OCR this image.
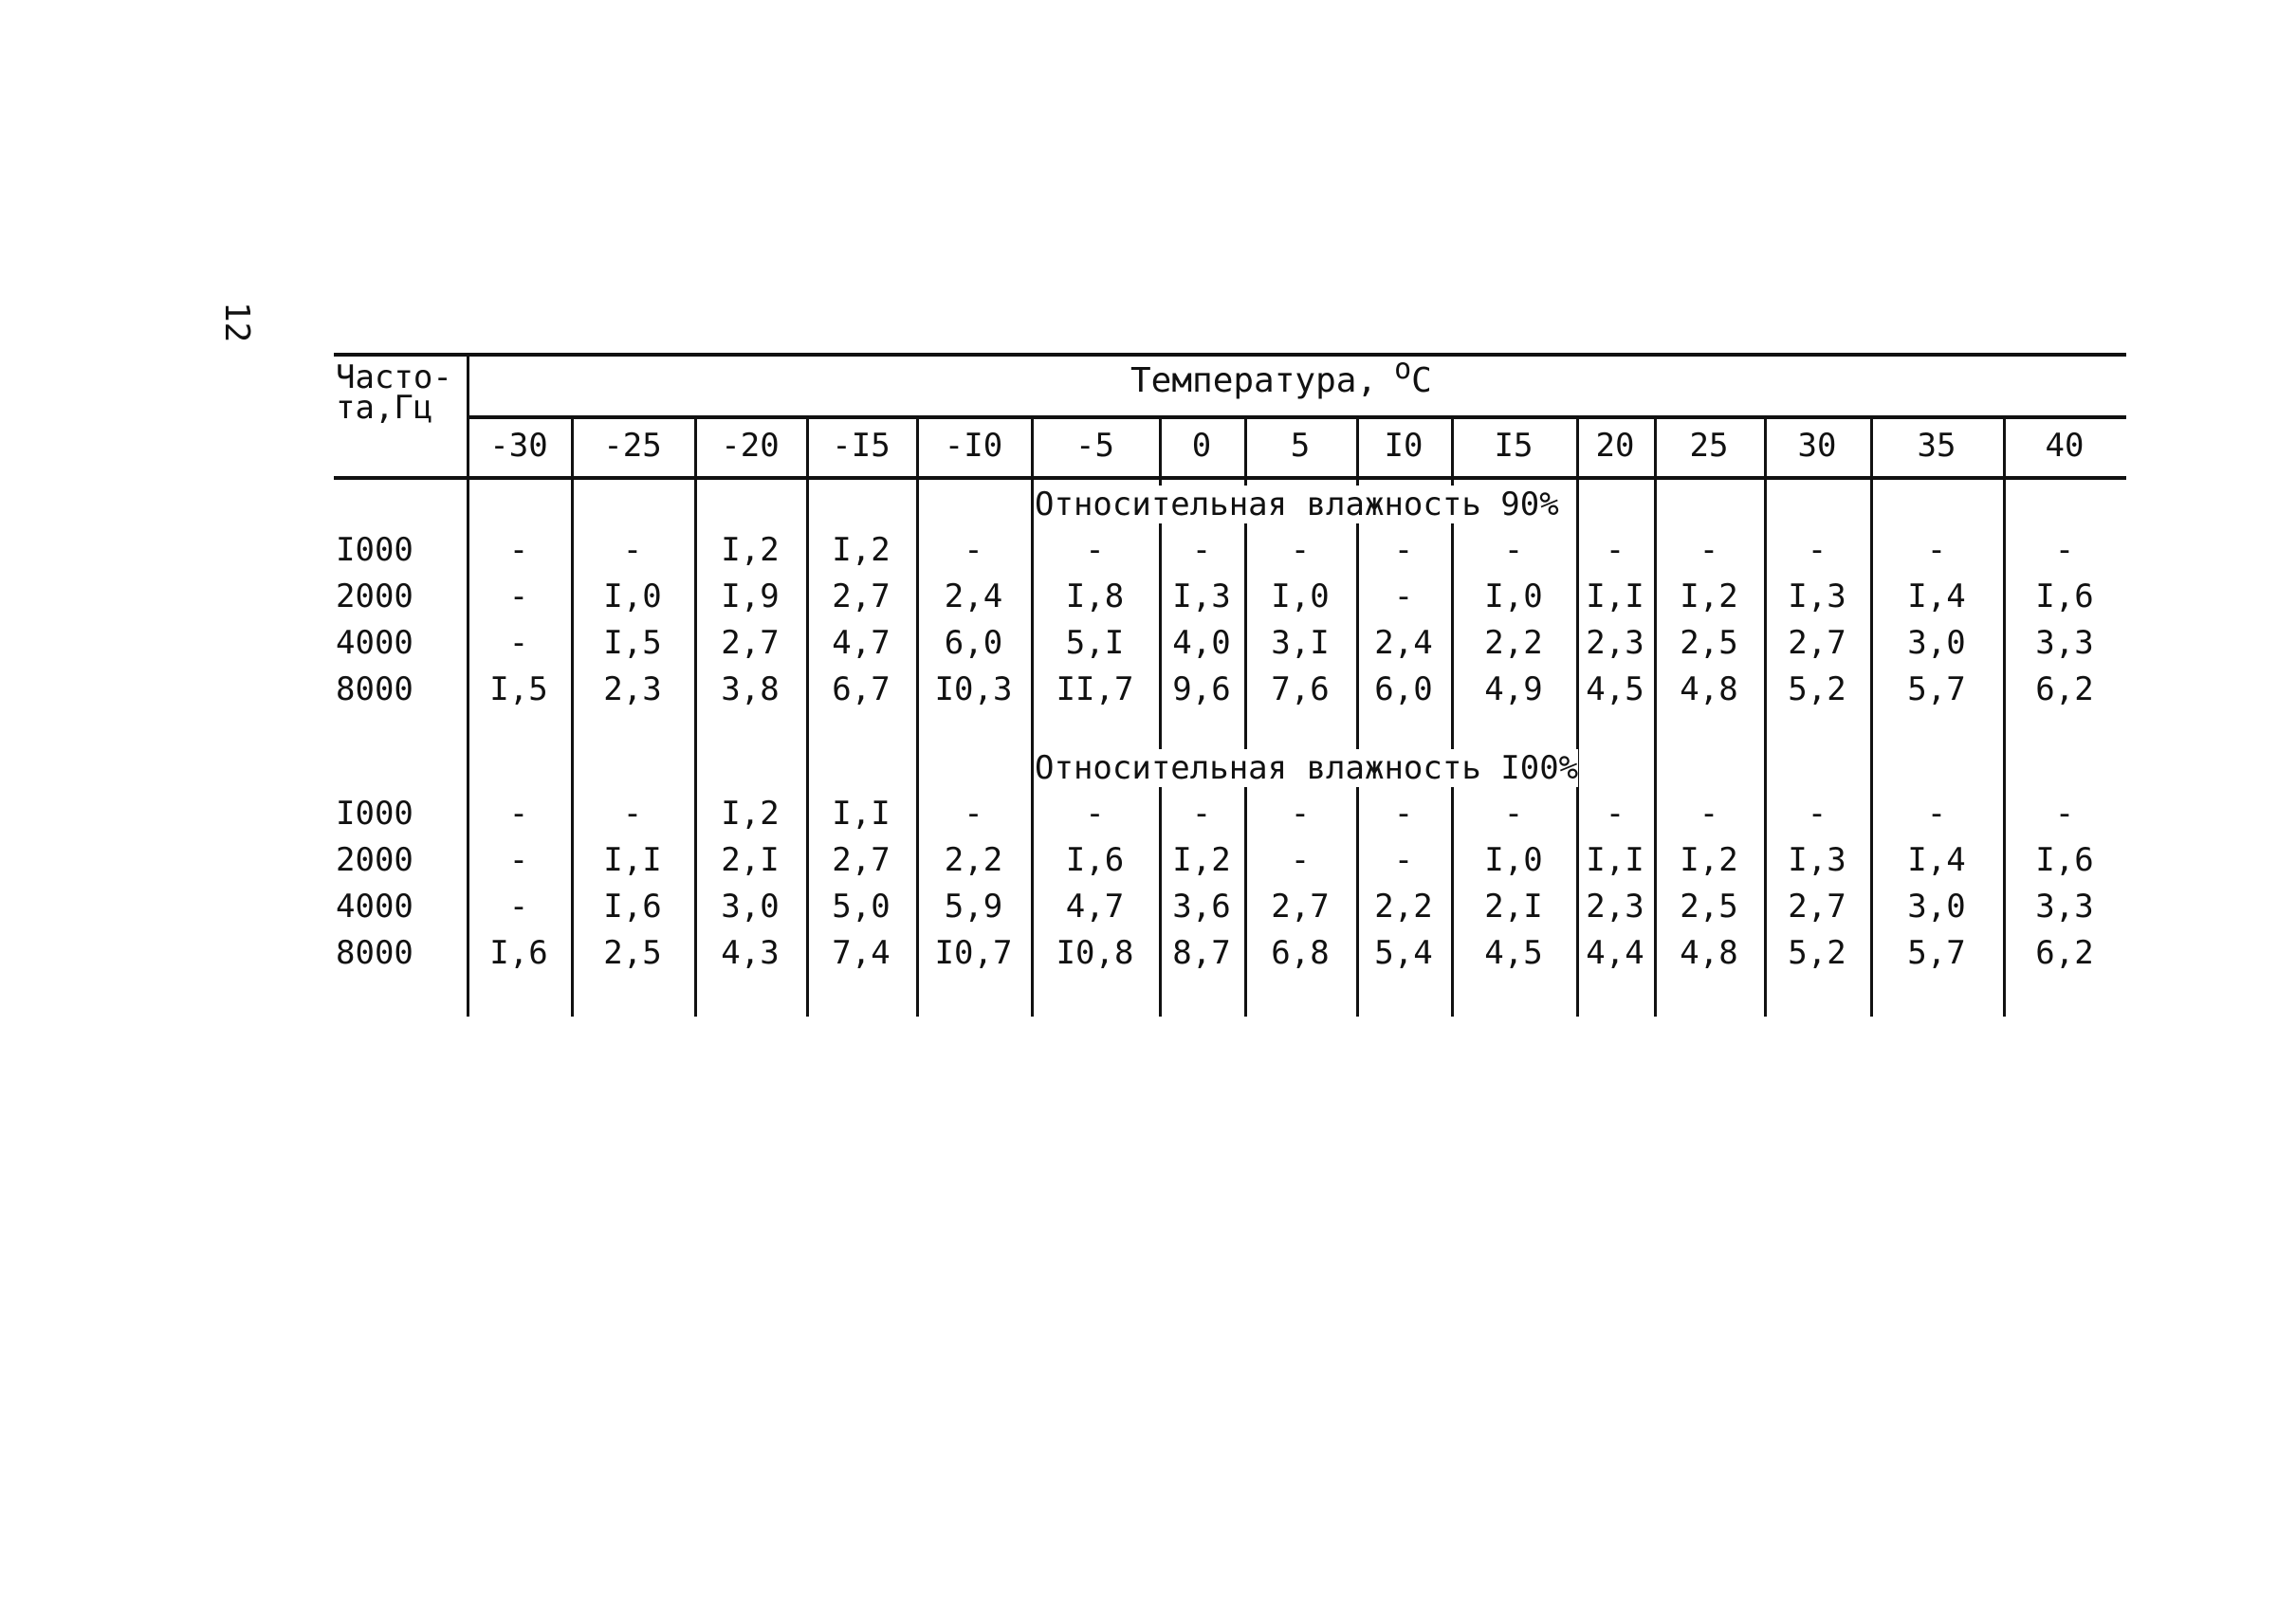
12
Часто-
та,Гц
Температура, $^o$C
-30	-25	-20	-I5	-I0	-5	0	5	I0	I5	20	25	30	35	40
Относительная влажность 90%
I000	-	-	I,2	I,2	-	-	-	-	-	-	-	-	-	-	-
2000	-	I,0	I,9	2,7	2,4	I,8	I,3	I,0	-	I,0	I,I	I,2	I,3	I,4	I,6
4000	-	I,5	2,7	4,7	6,0	5,I	4,0	3,I	2,4	2,2	2,3	2,5	2,7	3,0	3,3
8000	I,5	2,3	3,8	6,7	I0,3	II,7	9,6	7,6	6,0	4,9	4,5	4,8	5,2	5,7	6,2
Относительная влажность I00%
I000	-	-	I,2	I,I	-	-	-	-	-	-	-	-	-	-	-
2000	-	I,I	2,I	2,7	2,2	I,6	I,2	-	-	I,0	I,I	I,2	I,3	I,4	I,6
4000	-	I,6	3,0	5,0	5,9	4,7	3,6	2,7	2,2	2,I	2,3	2,5	2,7	3,0	3,3
8000	I,6	2,5	4,3	7,4	I0,7	I0,8	8,7	6,8	5,4	4,5	4,4	4,8	5,2	5,7	6,2
